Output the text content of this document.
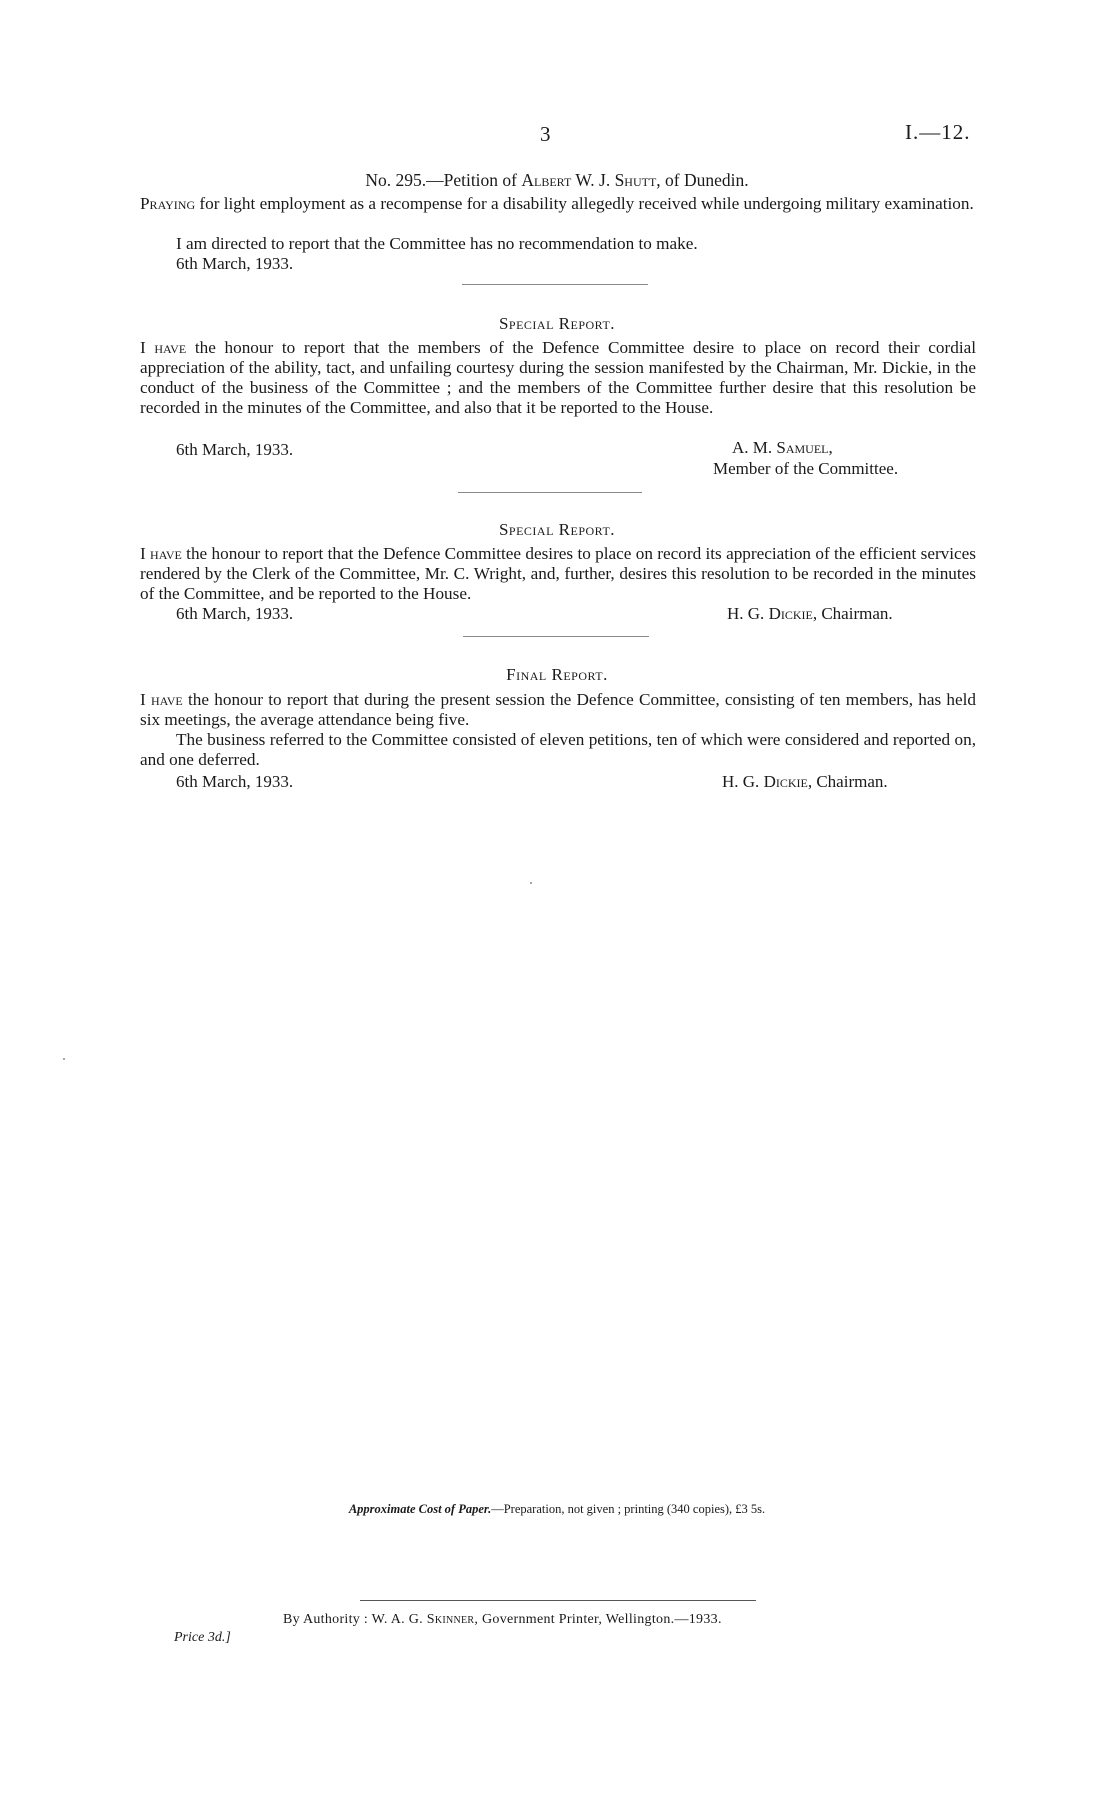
3	I.—12.
No. 295.—Petition of Albert W. J. Shutt, of Dunedin.
Praying for light employment as a recompense for a disability allegedly received while undergoing military examination.
I am directed to report that the Committee has no recommendation to make.
6th March, 1933.
Special Report.
I have the honour to report that the members of the Defence Committee desire to place on record their cordial appreciation of the ability, tact, and unfailing courtesy during the session manifested by the Chairman, Mr. Dickie, in the conduct of the business of the Committee ; and the members of the Committee further desire that this resolution be recorded in the minutes of the Committee, and also that it be reported to the House.
6th March, 1933.	A. M. Samuel,
Member of the Committee.
Special Report.
I have the honour to report that the Defence Committee desires to place on record its appreciation of the efficient services rendered by the Clerk of the Committee, Mr. C. Wright, and, further, desires this resolution to be recorded in the minutes of the Committee, and be reported to the House.
6th March, 1933.	H. G. Dickie, Chairman.
Final Report.
I have the honour to report that during the present session the Defence Committee, consisting of ten members, has held six meetings, the average attendance being five.
The business referred to the Committee consisted of eleven petitions, ten of which were considered and reported on, and one deferred.
6th March, 1933.	H. G. Dickie, Chairman.
Approximate Cost of Paper.—Preparation, not given ; printing (340 copies), £3 5s.
By Authority : W. A. G. Skinner, Government Printer, Wellington.—1933.
Price 3d.]
